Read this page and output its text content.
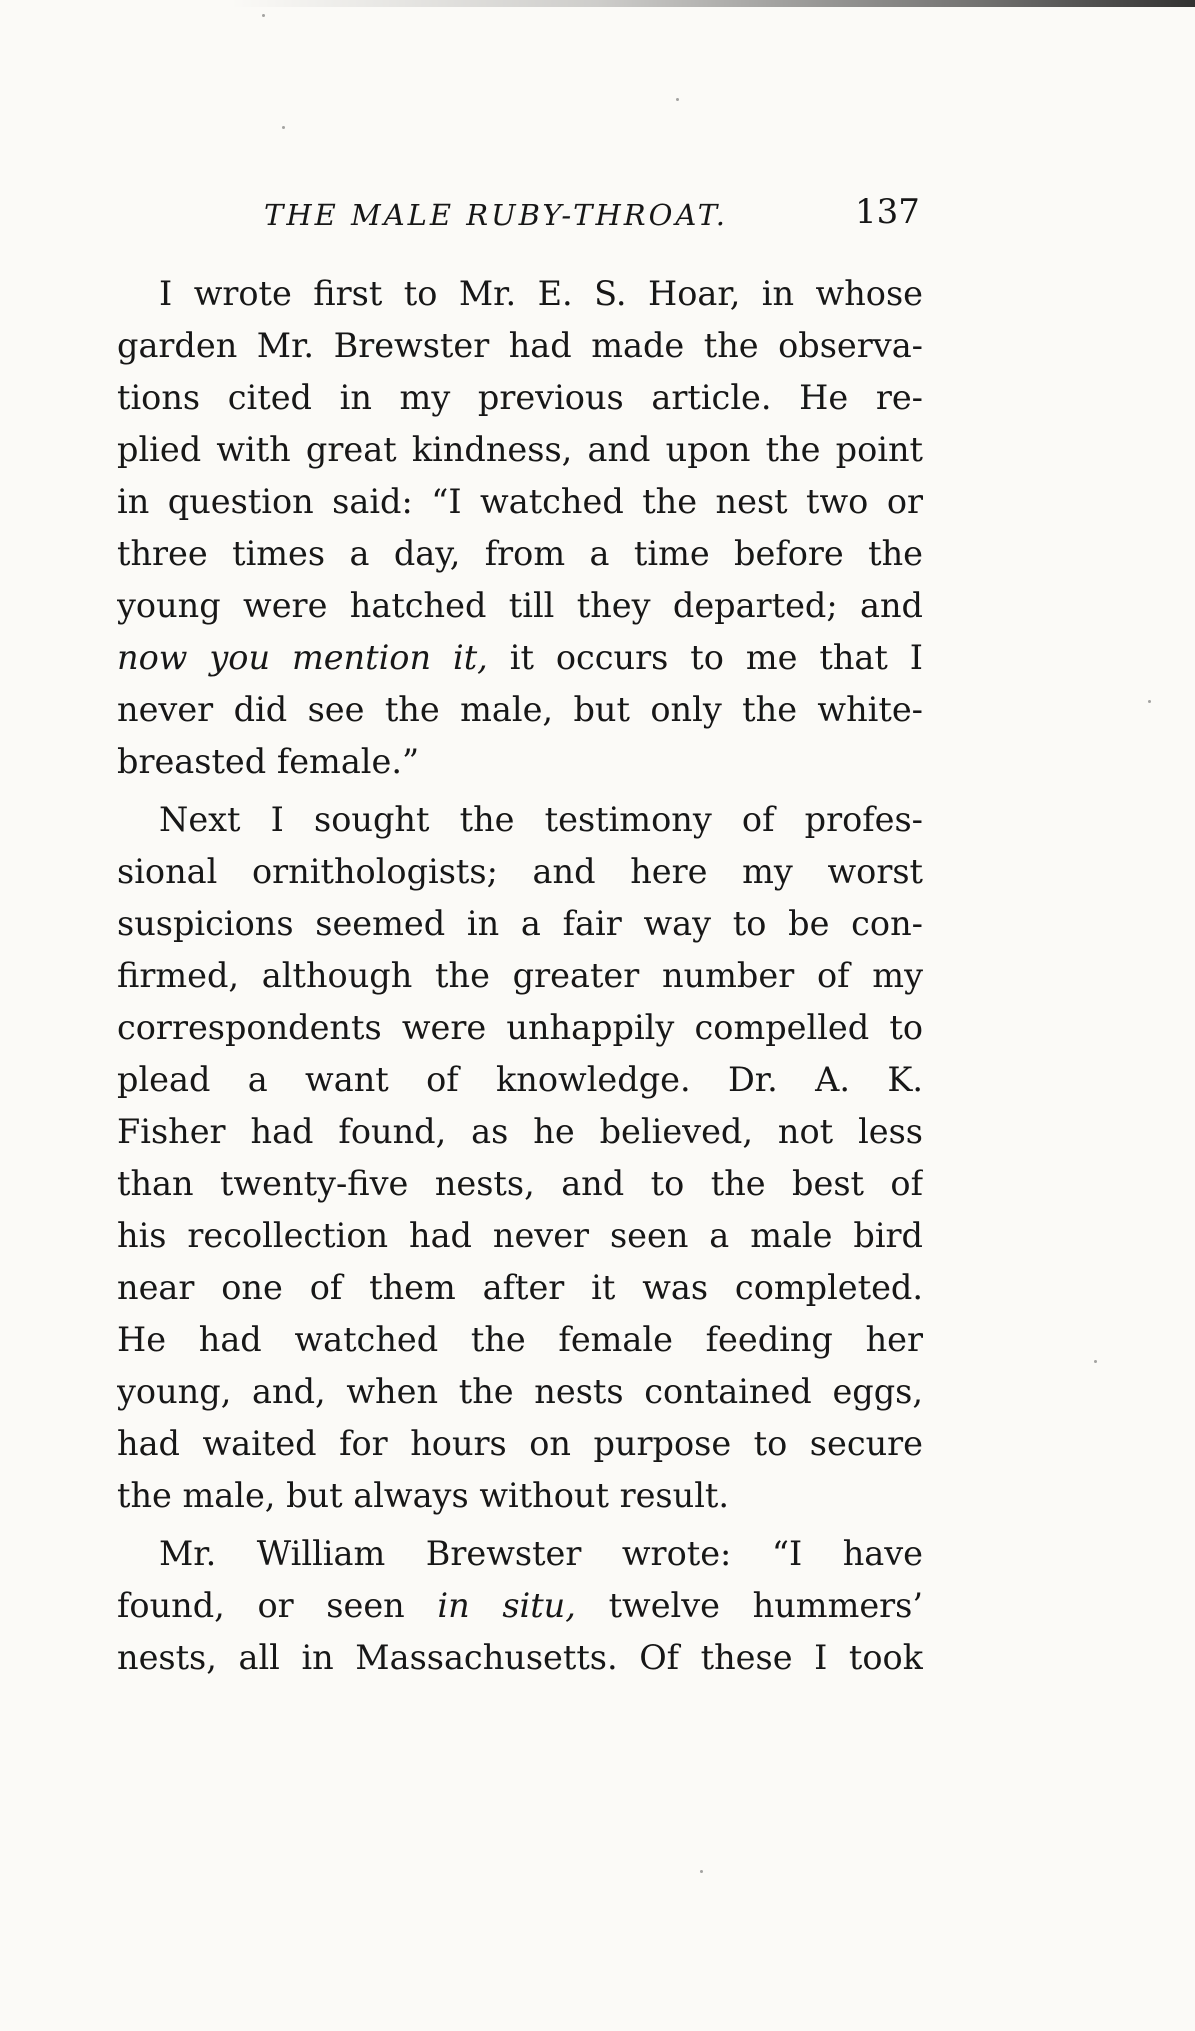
THE MALE RUBY-THROAT.	137
I wrote first to Mr. E. S. Hoar, in whose
garden Mr. Brewster had made the observa-
tions cited in my previous article. He re-
plied with great kindness, and upon the point
in question said: “I watched the nest two or
three times a day, from a time before the
young were hatched till they departed; and
now you mention it, it occurs to me that I
never did see the male, but only the white-
breasted female.”
Next I sought the testimony of profes-
sional ornithologists; and here my worst
suspicions seemed in a fair way to be con-
firmed, although the greater number of my
correspondents were unhappily compelled to
plead a want of knowledge. Dr. A. K.
Fisher had found, as he believed, not less
than twenty-five nests, and to the best of
his recollection had never seen a male bird
near one of them after it was completed.
He had watched the female feeding her
young, and, when the nests contained eggs,
had waited for hours on purpose to secure
the male, but always without result.
Mr. William Brewster wrote: “I have
found, or seen in situ, twelve hummers’
nests, all in Massachusetts. Of these I took
